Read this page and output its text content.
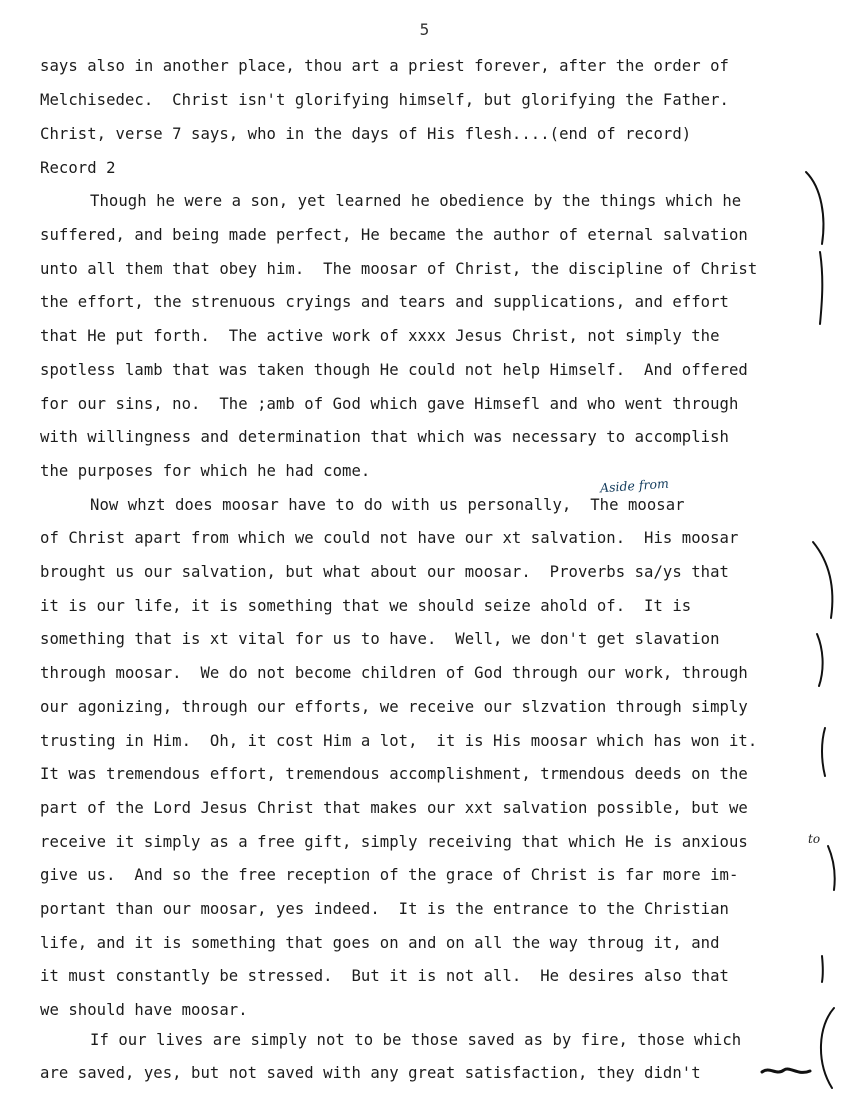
5
says also in another place, thou art a priest forever, after the order of
Melchisedec.  Christ isn't glorifying himself, but glorifying the Father.
Christ, verse 7 says, who in the days of His flesh....(end of record)
Record 2
Though he were a son, yet learned he obedience by the things which he
suffered, and being made perfect, He became the author of eternal salvation
unto all them that obey him.  The moosar of Christ, the discipline of Christ
the effort, the strenuous cryings and tears and supplications, and effort
that He put forth.  The active work of xxxx Jesus Christ, not simply the
spotless lamb that was taken though He could not help Himself.  And offered
for our sins, no.  The ;amb of God which gave Himsefl and who went through
with willingness and determination that which was necessary to accomplish
the purposes for which he had come.
Now whzt does moosar have to do with us personally,  The moosar
of Christ apart from which we could not have our xt salvation.  His moosar
brought us our salvation, but what about our moosar.  Proverbs sa/ys that
it is our life, it is something that we should seize ahold of.  It is
something that is xt vital for us to have.  Well, we don't get slavation
through moosar.  We do not become children of God through our work, through
our agonizing, through our efforts, we receive our slzvation through simply
trusting in Him.  Oh, it cost Him a lot,  it is His moosar which has won it.
It was tremendous effort, tremendous accomplishment, trmendous deeds on the
part of the Lord Jesus Christ that makes our xxt salvation possible, but we
receive it simply as a free gift, simply receiving that which He is anxious
give us.  And so the free reception of the grace of Christ is far more im-
portant than our moosar, yes indeed.  It is the entrance to the Christian
life, and it is something that goes on and on all the way throug it, and
it must constantly be stressed.  But it is not all.  He desires also that
we should have moosar.
If our lives are simply not to be those saved as by fire, those which
are saved, yes, but not saved with any great satisfaction, they didn't
Aside from
to
